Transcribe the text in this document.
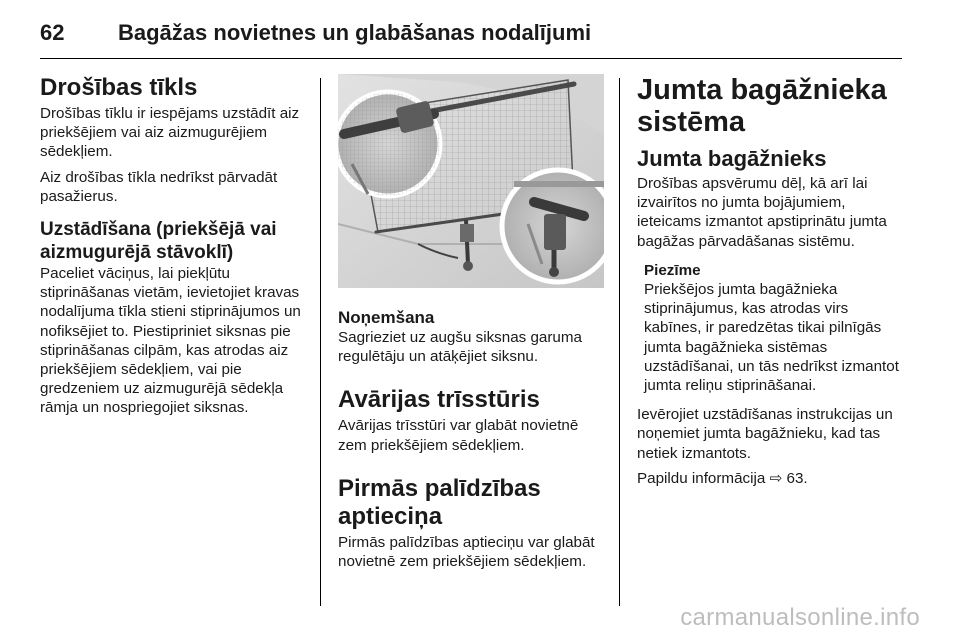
62 Bagāžas novietnes un glabāšanas nodalījumi
Drošības tīkls

Drošības tīklu ir iespējams uzstādīt aiz priekšējiem vai aiz aizmugurējiem sēdekļiem.

Aiz drošības tīkla nedrīkst pārvadāt pasažierus.

Uzstādīšana (priekšējā vai aizmugurējā stāvoklī)

Paceliet vāciņus, lai piekļūtu stiprināšanas vietām, ievietojiet kravas nodalījuma tīkla stieni stiprinājumos un nofiksējiet to. Piestipriniet siksnas pie stiprināšanas cilpām, kas atrodas aiz priekšējiem sēdekļiem, vai pie gredzeniem uz aizmugurējā sēdekļa rāmja un nospriegojiet siksnas.

Noņemšana

Sagrieziet uz augšu siksnas garuma regulētāju un atāķējiet siksnu.

Avārijas trīsstūris

Avārijas trīsstūri var glabāt novietnē zem priekšējiem sēdekļiem.

Pirmās palīdzības aptieciņa

Pirmās palīdzības aptieciņu var glabāt novietnē zem priekšējiem sēdekļiem.

Jumta bagāžnieka sistēma
Jumta bagāžnieks

Drošības apsvērumu dēļ, kā arī lai izvairītos no jumta bojājumiem, ieteicams izmantot apstiprinātu jumta bagāžas pārvadāšanas sistēmu.

Piezīme

Priekšējos jumta bagāžnieka stiprinājumus, kas atrodas virs kabīnes, ir paredzētas tikai pilnīgās jumta bagāžnieka sistēmas uzstādīšanai, un tās nedrīkst izmantot jumta reliņu stiprināšanai.

Ievērojiet uzstādīšanas instrukcijas un noņemiet jumta bagāžnieku, kad tas netiek izmantots.

Papildu informācija ⇨ 63.

carmanualsonline.info
